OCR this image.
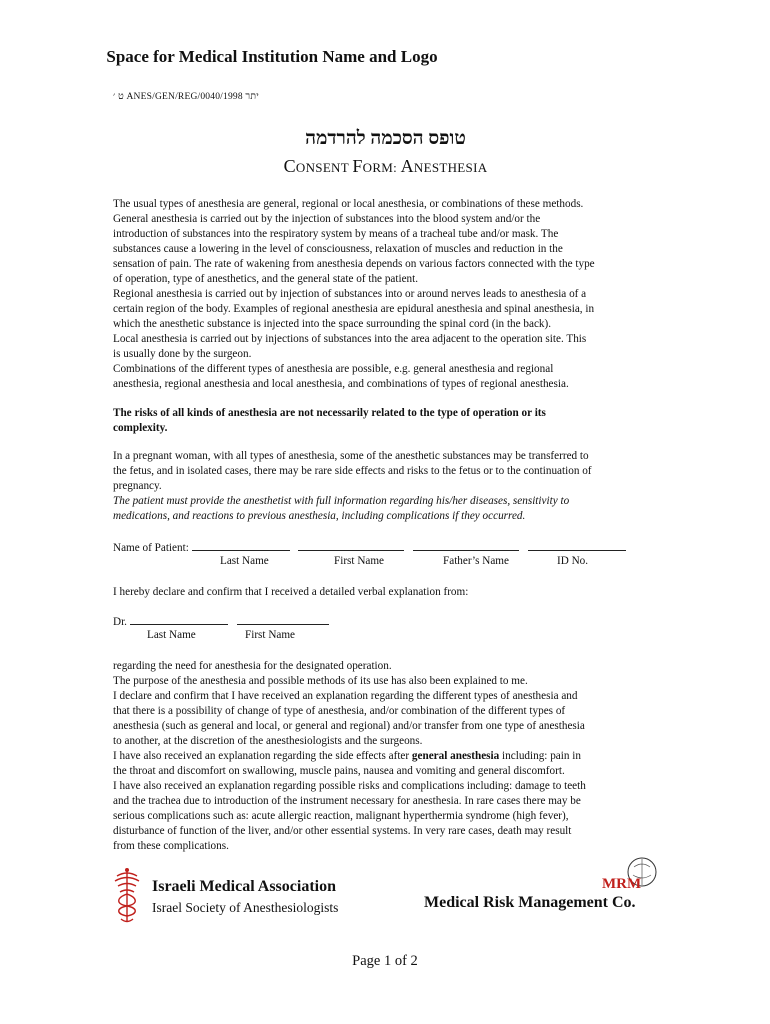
Space for Medical Institution Name and Logo
ט ׳ ANES/GEN/REG/0040/יתר 1998
טופס הסכמה להרדמה
CONSENT FORM: ANESTHESIA

The usual types of anesthesia are general, regional or local anesthesia, or combinations of these methods.

General anesthesia is carried out by the injection of substances into the blood system and/or the

introduction of substances into the respiratory system by means of a tracheal tube and/or mask. The

substances cause a lowering in the level of consciousness, relaxation of muscles and reduction in the

sensation of pain. The rate of wakening from anesthesia depends on various factors connected with the type

of operation, type of anesthetics, and the general state of the patient.

Regional anesthesia is carried out by injection of substances into or around nerves leads to anesthesia of a

certain region of the body. Examples of regional anesthesia are epidural anesthesia and spinal anesthesia, in

which the anesthetic substance is injected into the space surrounding the spinal cord (in the back).

Local anesthesia is carried out by injections of substances into the area adjacent to the operation site. This

is usually done by the surgeon.

Combinations of the different types of anesthesia are possible, e.g. general anesthesia and regional

anesthesia, regional anesthesia and local anesthesia, and combinations of types of regional anesthesia.

The risks of all kinds of anesthesia are not necessarily related to the type of operation or its

complexity.

In a pregnant woman, with all types of anesthesia, some of the anesthetic substances may be transferred to

the fetus, and in isolated cases, there may be rare side effects and risks to the fetus or to the continuation of

pregnancy.

The patient must provide the anesthetist with full information regarding his/her diseases, sensitivity to

medications, and reactions to previous anesthesia, including complications if they occurred.

Name of Patient:
Last Name	First Name	Father’s Name	ID No.
I hereby declare and confirm that I received a detailed verbal explanation from:
Dr.
Last Name	First Name

regarding the need for anesthesia for the designated operation.

The purpose of the anesthesia and possible methods of its use has also been explained to me.

I declare and confirm that I have received an explanation regarding the different types of anesthesia and

that there is a possibility of change of type of anesthesia, and/or combination of the different types of

anesthesia (such as general and local, or general and regional) and/or transfer from one type of anesthesia

to another, at the discretion of the anesthesiologists and the surgeons.

I have also received an explanation regarding the side effects after general anesthesia including: pain in

the throat and discomfort on swallowing, muscle pains, nausea and vomiting and general discomfort.

I have also received an explanation regarding possible risks and complications including: damage to teeth

and the trachea due to introduction of the instrument necessary for anesthesia. In rare cases there may be

serious complications such as: acute allergic reaction, malignant hyperthermia syndrome (high fever),

disturbance of function of the liver, and/or other essential systems. In very rare cases, death may result

from these complications.

Israeli Medical Association
Israel Society of Anesthesiologists
MRM
Medical Risk Management Co.
Page 1 of 2
